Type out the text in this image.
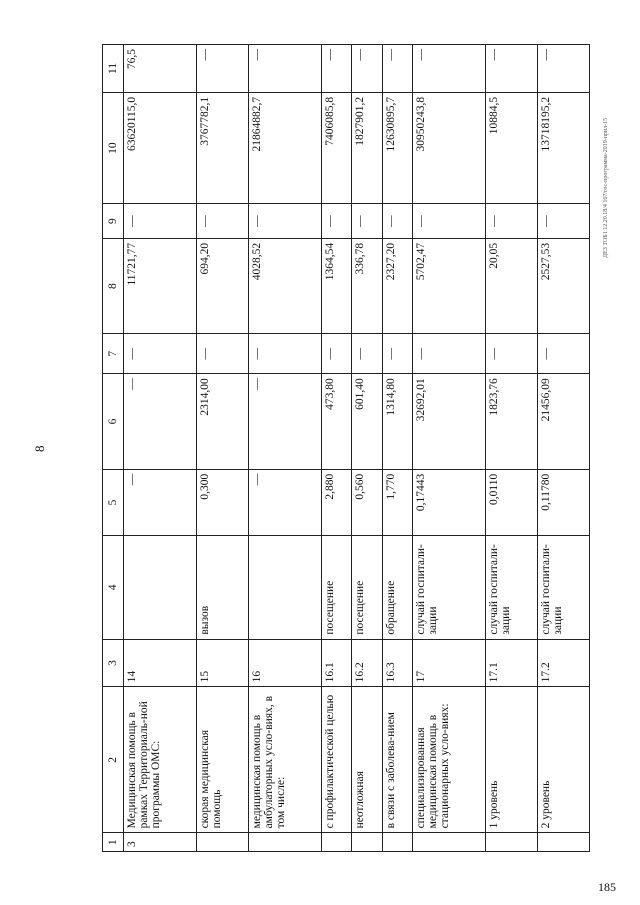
8
ДЕЗ ТОБ1 12.20.18/4 167/гос-программа-2019-прил-15
185
1	2	3	4	5	6	7	8	9	10	11
3	Медицинская помощь в рамках Территориаль-ной программы ОМС:	14		—	—	—	11721,77	—	63620115,0	76,5
	скорая медицинская помощь	15	вызов	0,300	2314,00	—	694,20	—	3767782,1	—
	медицинская помощь в амбулаторных усло-виях, в том числе:	16		—	—	—	4028,52	—	21864882,7	—
	с профилактической целью	16.1	посещение	2,880	473,80	—	1364,54	—	7406085,8	—
	неотложная	16.2	посещение	0,560	601,40	—	336,78	—	1827901,2	—
	в связи с заболева-нием	16.3	обращение	1,770	1314,80	—	2327,20	—	12630895,7	—
	специализированная медицинская помощь в стационарных усло-виях:	17	случай госпитали-зации	0,17443	32692,01	—	5702,47	—	30950243,8	—
	1 уровень	17.1	случай госпитали-зации	0,0110	1823,76	—	20,05	—	10884,5	—
	2 уровень	17.2	случай госпитали-зации	0,11780	21456,09	—	2527,53	—	13718195,2	—
